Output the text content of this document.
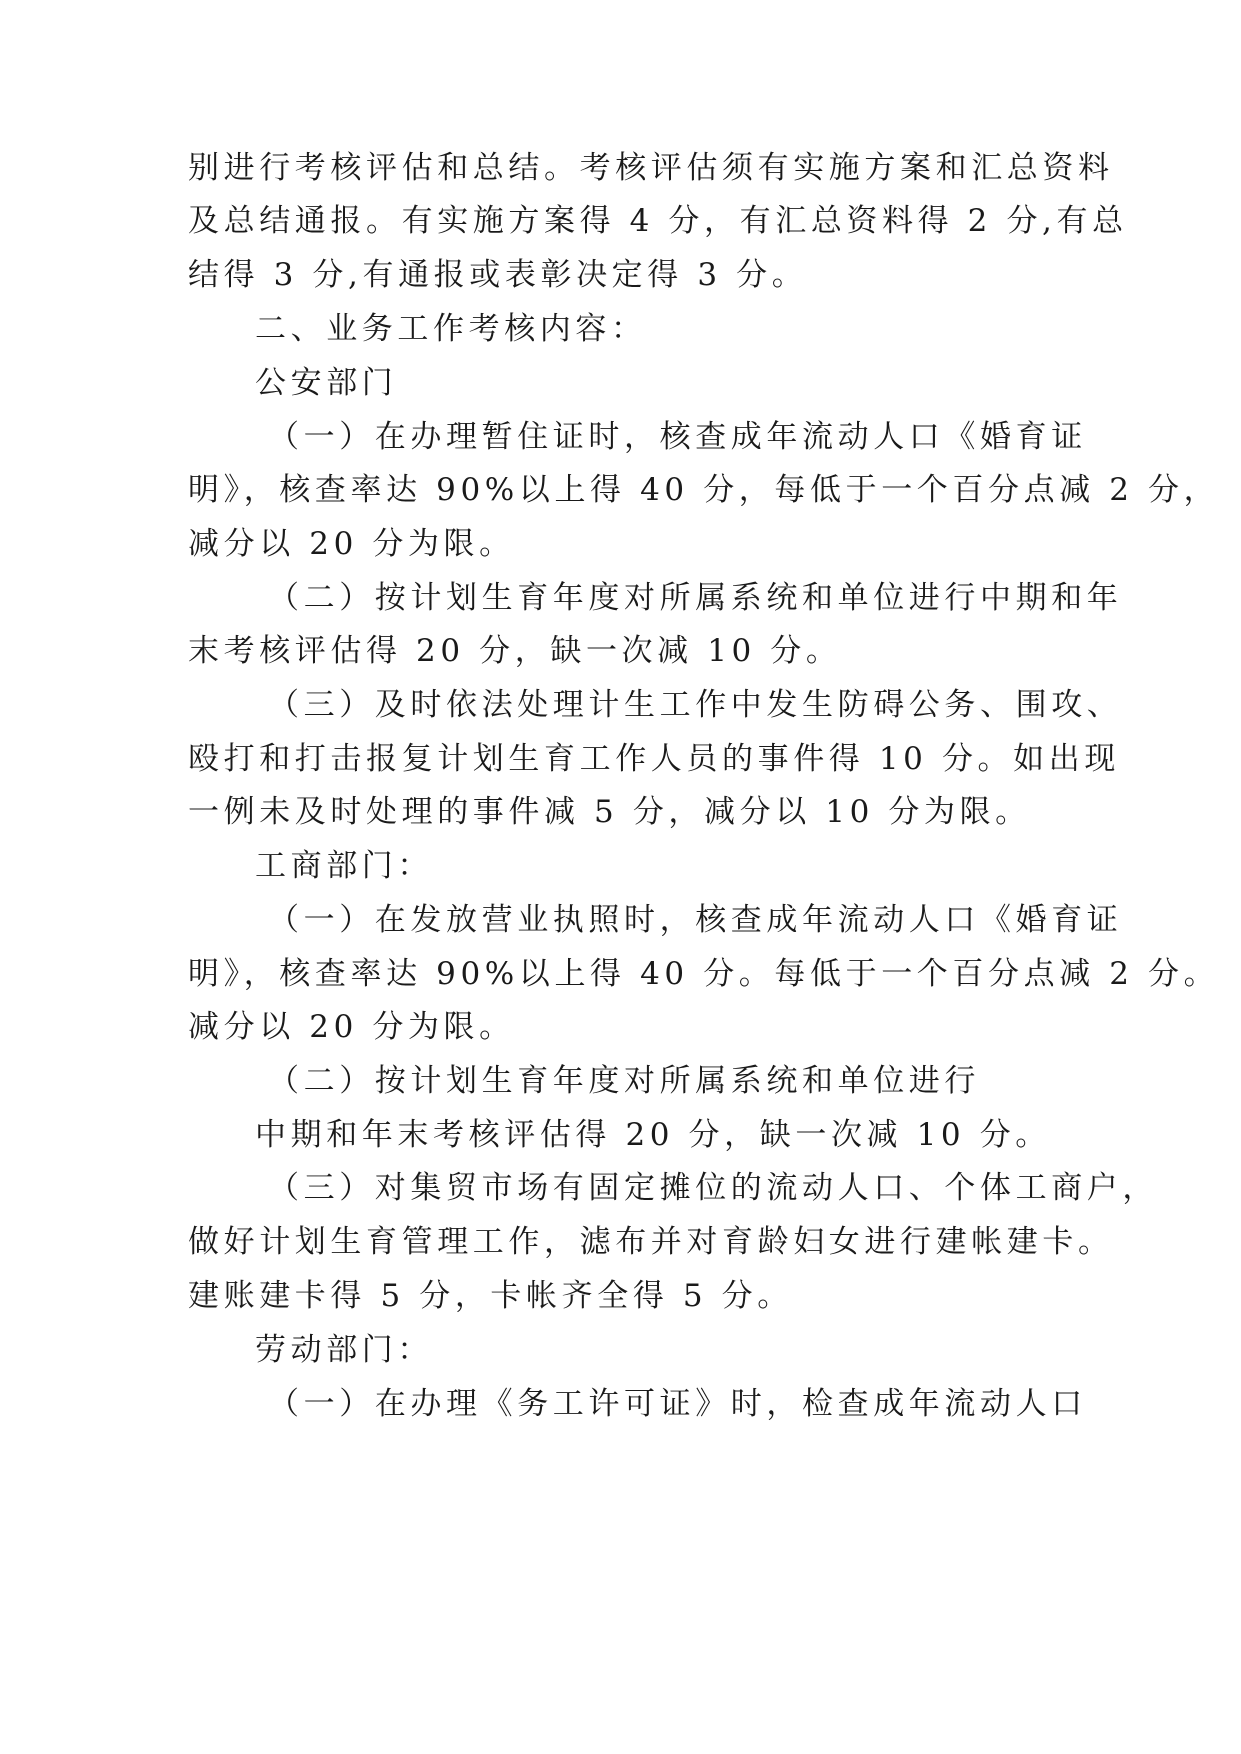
别进行考核评估和总结。考核评估须有实施方案和汇总资料
及总结通报。有实施方案得 4 分，有汇总资料得 2 分,有总
结得 3 分,有通报或表彰决定得 3 分。
二、业务工作考核内容：
公安部门
（一）在办理暂住证时，核查成年流动人口《婚育证
明》，核查率达 90%以上得 40 分，每低于一个百分点减 2 分，
减分以 20 分为限。
（二）按计划生育年度对所属系统和单位进行中期和年
末考核评估得 20 分，缺一次减 10 分。
（三）及时依法处理计生工作中发生防碍公务、围攻、
殴打和打击报复计划生育工作人员的事件得 10 分。如出现
一例未及时处理的事件减 5 分，减分以 10 分为限。
工商部门：
（一）在发放营业执照时，核查成年流动人口《婚育证
明》，核查率达 90%以上得 40 分。每低于一个百分点减 2 分。
减分以 20 分为限。
（二）按计划生育年度对所属系统和单位进行
中期和年末考核评估得 20 分，缺一次减 10 分。
（三）对集贸市场有固定摊位的流动人口、个体工商户，
做好计划生育管理工作，滤布并对育龄妇女进行建帐建卡。
建账建卡得 5 分，卡帐齐全得 5 分。
劳动部门：
（一）在办理《务工许可证》时，检查成年流动人口
